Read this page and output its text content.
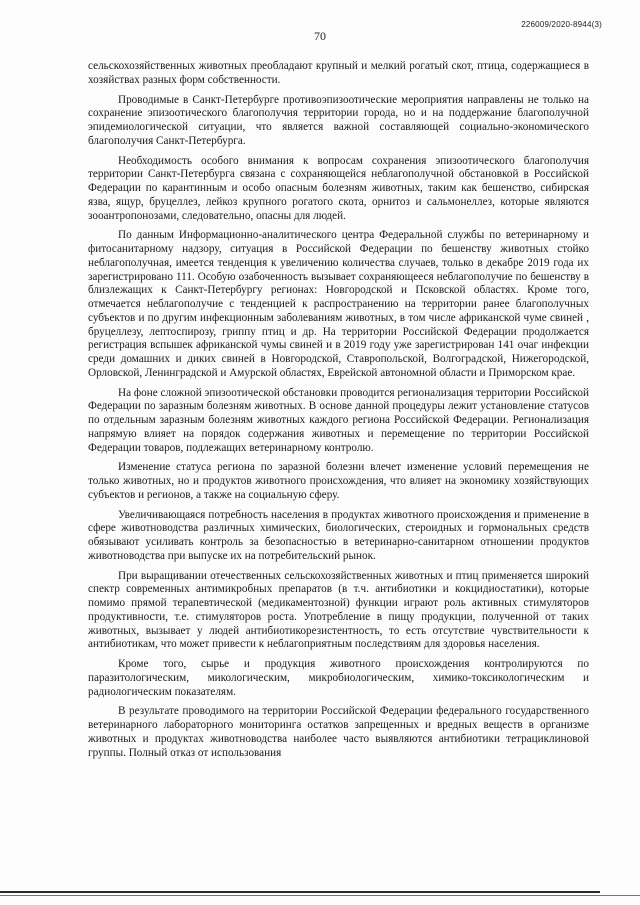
226009/2020-8944(3)
70

сельскохозяйственных животных преобладают крупный и мелкий рогатый скот, птица, содержащиеся в хозяйствах разных форм собственности.

Проводимые в Санкт-Петербурге противоэпизоотические мероприятия направлены не только на сохранение эпизоотического благополучия территории города, но и на поддержание благополучной эпидемиологической ситуации, что является важной составляющей социально-экономического благополучия Санкт-Петербурга.

Необходимость особого внимания к вопросам сохранения эпизоотического благополучия территории Санкт-Петербурга связана с сохраняющейся неблагополучной обстановкой в Российской Федерации по карантинным и особо опасным болезням животных, таким как бешенство, сибирская язва, ящур, бруцеллез, лейкоз крупного рогатого скота, орнитоз и сальмонеллез, которые являются зооантропонозами, следовательно, опасны для людей.

По данным Информационно-аналитического центра Федеральной службы по ветеринарному и фитосанитарному надзору, ситуация в Российской Федерации по бешенству животных стойко неблагополучная, имеется тенденция к увеличению количества случаев, только в декабре 2019 года их зарегистрировано 111. Особую озабоченность вызывает сохраняющееся неблагополучие по бешенству в близлежащих к Санкт-Петербургу регионах: Новгородской и Псковской областях. Кроме того, отмечается неблагополучие с тенденцией к распространению на территории ранее благополучных субъектов и по другим инфекционным заболеваниям животных, в том числе африканской чуме свиней , бруцеллезу, лептоспирозу, гриппу птиц и др. На территории Российской Федерации продолжается регистрация вспышек африканской чумы свиней и в 2019 году уже зарегистрирован 141 очаг инфекции среди домашних и диких свиней в Новгородской, Ставропольской, Волгоградской, Нижегородской, Орловской, Ленинградской и Амурской областях, Еврейской автономной области и Приморском крае.

На фоне сложной эпизоотической обстановки проводится регионализация территории Российской Федерации по заразным болезням животных. В основе данной процедуры лежит установление статусов по отдельным заразным болезням животных каждого региона Российской Федерации. Регионализация напрямую влияет на порядок содержания животных и перемещение по территории Российской Федерации товаров, подлежащих ветеринарному контролю.

Изменение статуса региона по заразной болезни влечет изменение условий перемещения не только животных, но и продуктов животного происхождения, что влияет на экономику хозяйствующих субъектов и регионов, а также на социальную сферу.

Увеличивающаяся потребность населения в продуктах животного происхождения и применение в сфере животноводства различных химических, биологических, стероидных и гормональных средств обязывают усиливать контроль за безопасностью в ветеринарно-санитарном отношении продуктов животноводства при выпуске их на потребительский рынок.

При выращивании отечественных сельскохозяйственных животных и птиц применяется широкий спектр современных антимикробных препаратов (в т.ч. антибиотики и кокцидиостатики), которые помимо прямой терапевтической (медикаментозной) функции играют роль активных стимуляторов продуктивности, т.е. стимуляторов роста. Употребление в пищу продукции, полученной от таких животных, вызывает у людей антибиотикорезистентность, то есть отсутствие чувствительности к антибиотикам, что может привести к неблагоприятным последствиям для здоровья населения.

Кроме того, сырье и продукция животного происхождения контролируются по паразитологическим, микологическим, микробиологическим, химико-токсикологическим и радиологическим показателям.

В результате проводимого на территории Российской Федерации федерального государственного ветеринарного лабораторного мониторинга остатков запрещенных и вредных веществ в организме животных и продуктах животноводства наиболее часто выявляются антибиотики тетрациклиновой группы. Полный отказ от использования
